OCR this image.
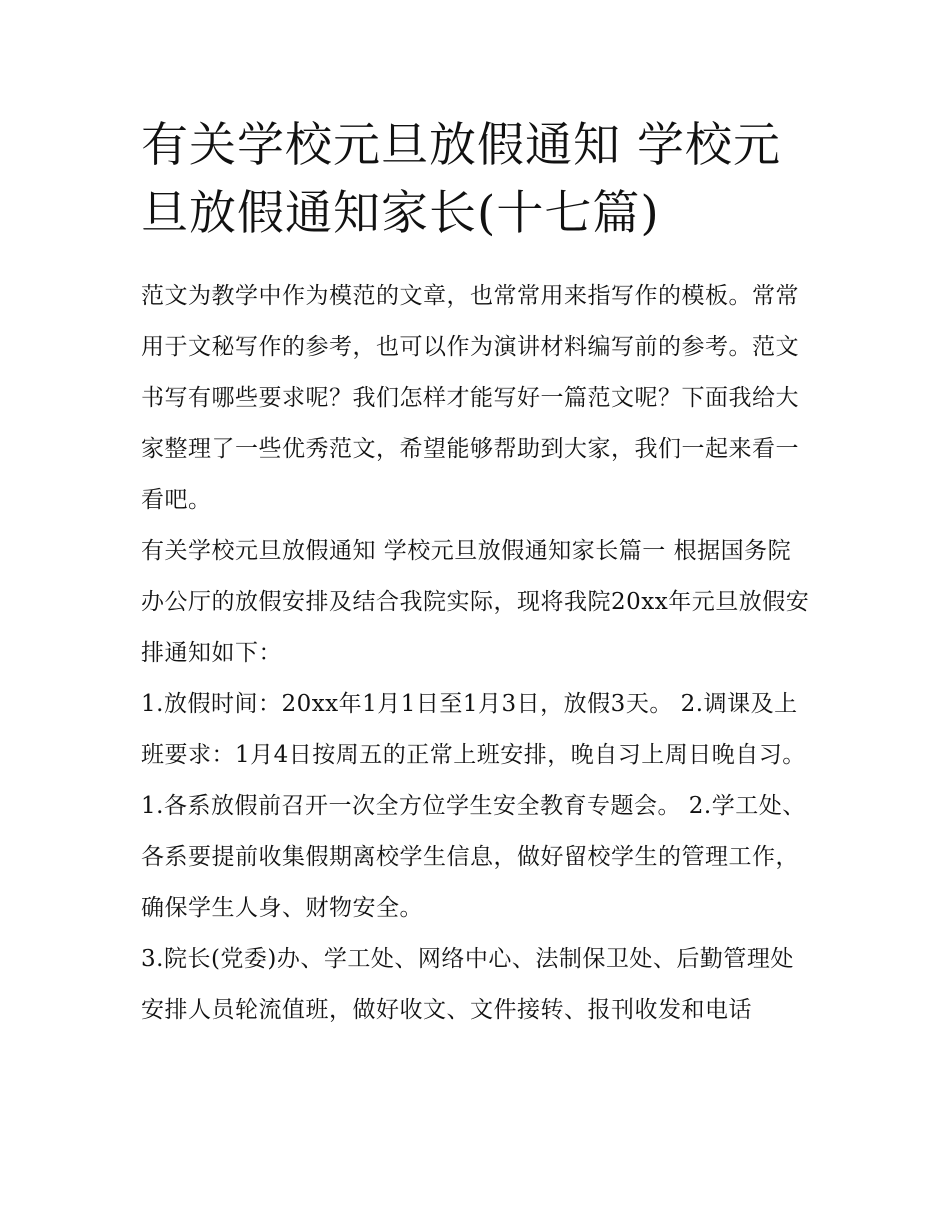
有关学校元旦放假通知 学校元旦放假通知家长(十七篇)

范文为教学中作为模范的文章，也常常用来指写作的模板。常常用于文秘写作的参考，也可以作为演讲材料编写前的参考。范文书写有哪些要求呢？我们怎样才能写好一篇范文呢？下面我给大家整理了一些优秀范文，希望能够帮助到大家，我们一起来看一看吧。

有关学校元旦放假通知 学校元旦放假通知家长篇一 根据国务院办公厅的放假安排及结合我院实际，现将我院20xx年元旦放假安排通知如下：

1.放假时间：20xx年1月1日至1月3日，放假3天。 2.调课及上班要求：1月4日按周五的正常上班安排，晚自习上周日晚自习。

1.各系放假前召开一次全方位学生安全教育专题会。 2.学工处、各系要提前收集假期离校学生信息，做好留校学生的管理工作，确保学生人身、财物安全。

3.院长(党委)办、学工处、网络中心、法制保卫处、后勤管理处安排人员轮流值班，做好收文、文件接转、报刊收发和电话
